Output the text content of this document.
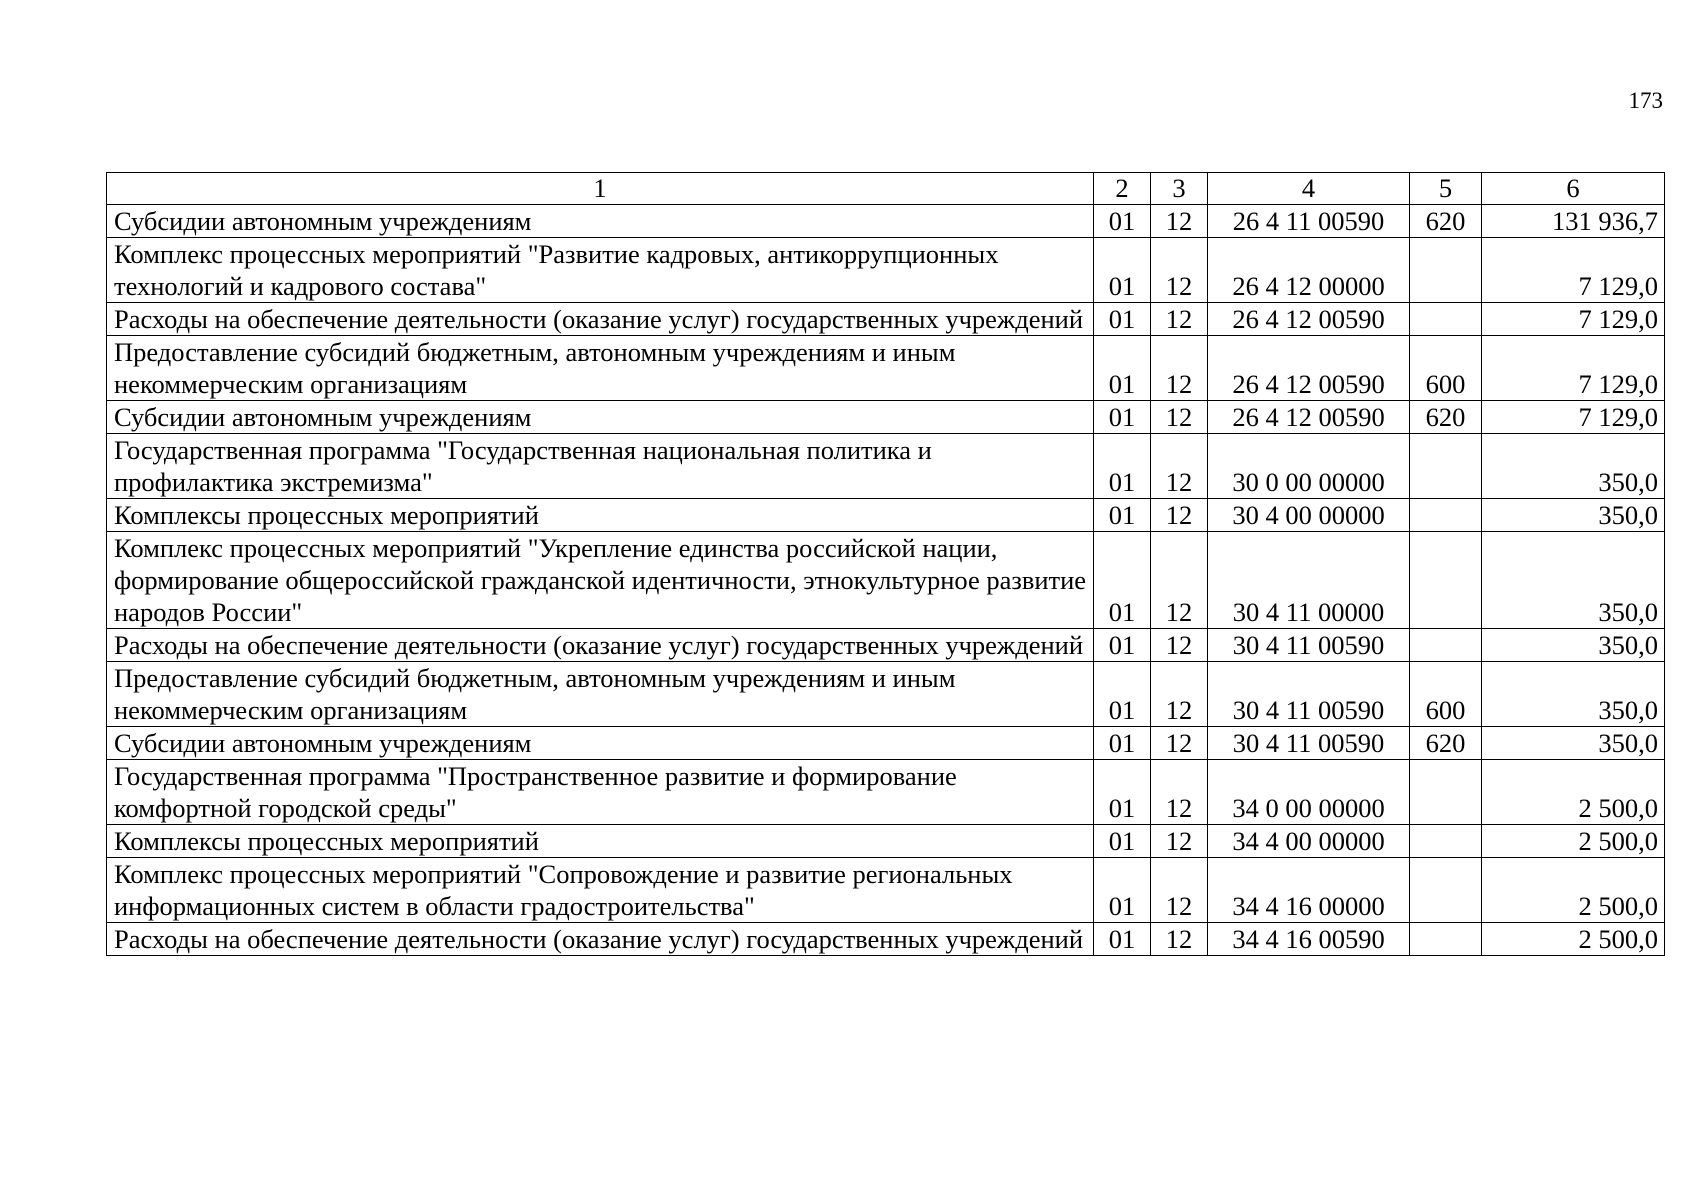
173
1	2	3	4	5	6
Субсидии автономным учреждениям	01	12	26 4 11 00590	620	131 936,7
Комплекс процессных мероприятий "Развитие кадровых, антикоррупционных технологий и кадрового состава"	01	12	26 4 12 00000		7 129,0
Расходы на обеспечение деятельности (оказание услуг) государственных учреждений	01	12	26 4 12 00590		7 129,0
Предоставление субсидий бюджетным, автономным учреждениям и иным некоммерческим организациям	01	12	26 4 12 00590	600	7 129,0
Субсидии автономным учреждениям	01	12	26 4 12 00590	620	7 129,0
Государственная программа "Государственная национальная политика и профилактика экстремизма"	01	12	30 0 00 00000		350,0
Комплексы процессных мероприятий	01	12	30 4 00 00000		350,0
Комплекс процессных мероприятий "Укрепление единства российской нации, формирование общероссийской гражданской идентичности, этнокультурное развитие народов России"	01	12	30 4 11 00000		350,0
Расходы на обеспечение деятельности (оказание услуг) государственных учреждений	01	12	30 4 11 00590		350,0
Предоставление субсидий бюджетным, автономным учреждениям и иным некоммерческим организациям	01	12	30 4 11 00590	600	350,0
Субсидии автономным учреждениям	01	12	30 4 11 00590	620	350,0
Государственная программа "Пространственное развитие и формирование комфортной городской среды"	01	12	34 0 00 00000		2 500,0
Комплексы процессных мероприятий	01	12	34 4 00 00000		2 500,0
Комплекс процессных мероприятий "Сопровождение и развитие региональных информационных систем в области градостроительства"	01	12	34 4 16 00000		2 500,0
Расходы на обеспечение деятельности (оказание услуг) государственных учреждений	01	12	34 4 16 00590		2 500,0
